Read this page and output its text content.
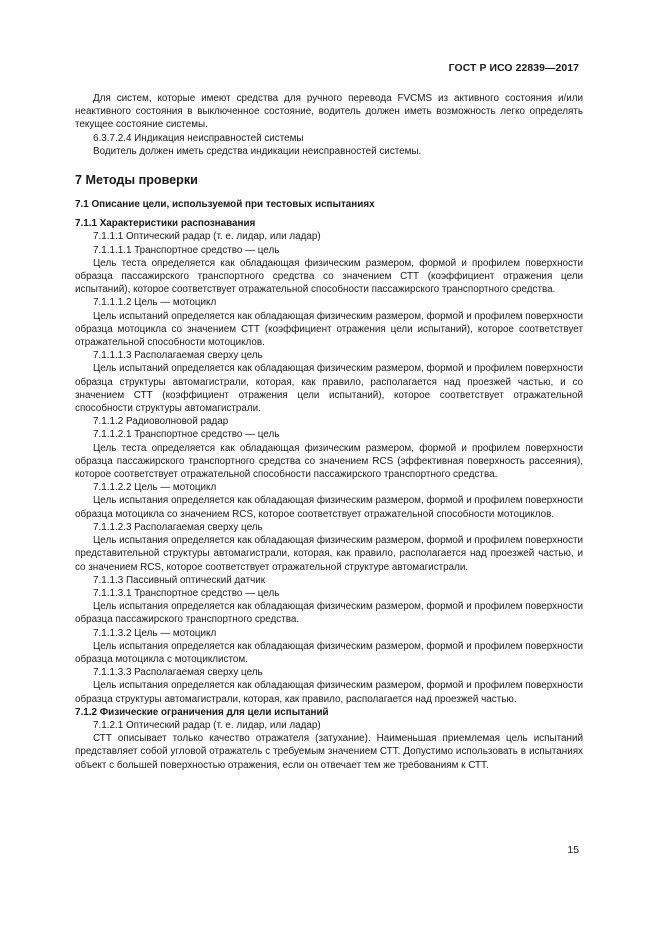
ГОСТ Р ИСО 22839—2017

Для систем, которые имеют средства для ручного перевода FVCMS из активного состояния и/или неактивного состояния в выключенное состояние, водитель должен иметь возможность легко определять текущее состояние системы.

6.3.7.2.4 Индикация неисправностей системы

Водитель должен иметь средства индикации неисправностей системы.

7 Методы проверки

7.1 Описание цели, используемой при тестовых испытаниях

7.1.1 Характеристики распознавания

7.1.1.1 Оптический радар (т. е. лидар, или ладар)

7.1.1.1.1 Транспортное средство — цель

Цель теста определяется как обладающая физическим размером, формой и профилем поверхности образца пассажирского транспортного средства со значением СТТ (коэффициент отражения цели испытаний), которое соответствует отражательной способности пассажирского транспортного средства.

7.1.1.1.2 Цель — мотоцикл

Цель испытаний определяется как обладающая физическим размером, формой и профилем поверхности образца мотоцикла со значением СТТ (коэффициент отражения цели испытаний), которое соответствует отражательной способности мотоциклов.

7.1.1.1.3 Располагаемая сверху цель

Цель испытаний определяется как обладающая физическим размером, формой и профилем поверхности образца структуры автомагистрали, которая, как правило, располагается над проезжей частью, и со значением СТТ (коэффициент отражения цели испытаний), которое соответствует отражательной способности структуры автомагистрали.

7.1.1.2 Радиоволновой радар

7.1.1.2.1 Транспортное средство — цель

Цель теста определяется как обладающая физическим размером, формой и профилем поверхности образца пассажирского транспортного средства со значением RCS (эффективная поверхность рассеяния), которое соответствует отражательной способности пассажирского транспортного средства.

7.1.1.2.2 Цель — мотоцикл

Цель испытания определяется как обладающая физическим размером, формой и профилем поверхности образца мотоцикла со значением RCS, которое соответствует отражательной способности мотоциклов.

7.1.1.2.3 Располагаемая сверху цель

Цель испытания определяется как обладающая физическим размером, формой и профилем поверхности представительной структуры автомагистрали, которая, как правило, располагается над проезжей частью, и со значением RCS, которое соответствует отражательной структуре автомагистрали.

7.1.1.3 Пассивный оптический датчик

7.1.1.3.1 Транспортное средство — цель

Цель испытания определяется как обладающая физическим размером, формой и профилем поверхности образца пассажирского транспортного средства.

7.1.1.3.2 Цель — мотоцикл

Цель испытания определяется как обладающая физическим размером, формой и профилем поверхности образца мотоцикла с мотоциклистом.

7.1.1.3.3 Располагаемая сверху цель

Цель испытания определяется как обладающая физическим размером, формой и профилем поверхности образца структуры автомагистрали, которая, как правило, располагается над проезжей частью.

7.1.2 Физические ограничения для цели испытаний

7.1.2.1 Оптический радар (т. е. лидар, или ладар)

СТТ описывает только качество отражателя (затухание). Наименьшая приемлемая цель испытаний представляет собой угловой отражатель с требуемым значением СТТ. Допустимо использовать в испытаниях объект с большей поверхностью отражения, если он отвечает тем же требованиям к СТТ.

15
